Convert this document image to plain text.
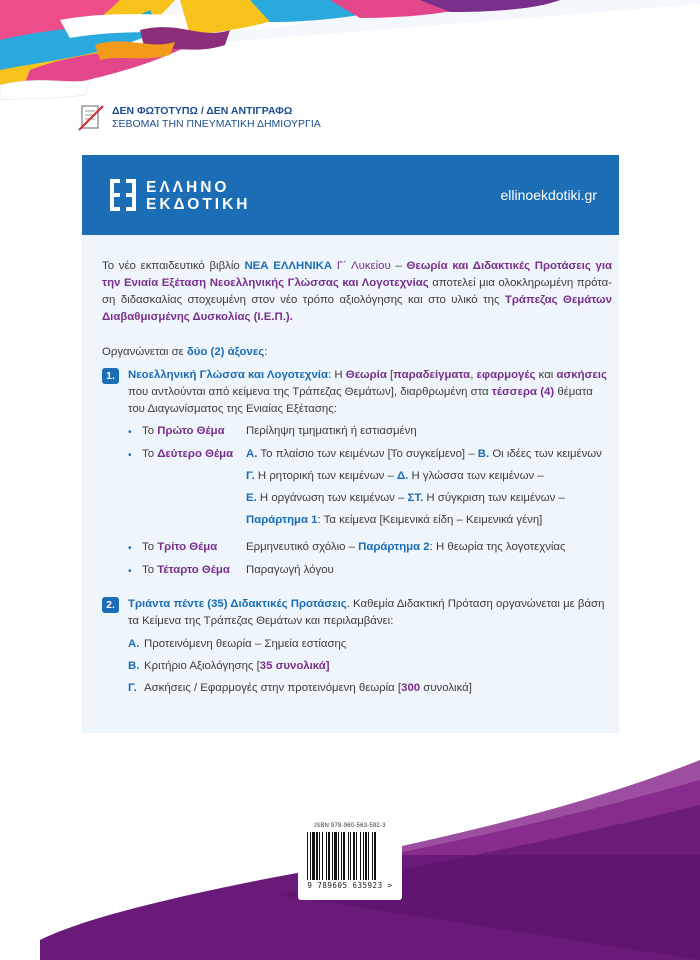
ΔΕΝ ΦΩΤΟΤΥΠΩ / ΔΕΝ ΑΝΤΙΓΡΑΦΩ
ΣΕΒΟΜΑΙ ΤΗΝ ΠΝΕΥΜΑΤΙΚΗ ΔΗΜΙΟΥΡΓΙΑ
ΕΛΛΗΝΟ
ΕΚΔΟΤΙΚΗ
ellinoekdotiki.gr

Το νέο εκπαιδευτικό βιβλίο ΝΕΑ ΕΛΛΗΝΙΚΑ Γ΄ Λυκείου – Θεωρία και Διδακτικές Προτάσεις για την Ενιαία Εξέταση Νεοελληνικής Γλώσσας και Λογοτεχνίας αποτελεί μια ολοκληρωμένη πρότα-ση διδασκαλίας στοχευμένη στον νέο τρόπο αξιολόγησης και στο υλικό της Τράπεζας Θεμάτων Διαβαθμισμένης Δυσκολίας (Ι.Ε.Π.).

Οργανώνεται σε δύο (2) άξονες:

1.	Νεοελληνική Γλώσσα και Λογοτεχνία: Η Θεωρία [παραδείγματα, εφαρμογές και ασκήσεις που αντλούνται από κείμενα της Τράπεζας Θεμάτων], διαρθρωμένη στα τέσσερα (4) θέματα του Διαγωνίσματος της Ενιαίας Εξέτασης:

• Το Πρώτο Θέμα	Περίληψη τμηματική ή εστιασμένη
• Το Δεύτερο Θέμα	Α. Το πλαίσιο των κειμένων [Το συγκείμενο] – Β. Οι ιδέες των κειμένων
Γ. Η ρητορική των κειμένων – Δ. Η γλώσσα των κειμένων –
Ε. Η οργάνωση των κειμένων – ΣΤ. Η σύγκριση των κειμένων –
Παράρτημα 1: Τα κείμενα [Κειμενικά είδη – Κειμενικά γένη]
• Το Τρίτο Θέμα	Ερμηνευτικό σχόλιο – Παράρτημα 2: Η θεωρία της λογοτεχνίας
• Το Τέταρτο Θέμα	Παραγωγή λόγου
2.	Τριάντα πέντε (35) Διδακτικές Προτάσεις. Καθεμία Διδακτική Πρόταση οργανώνεται με βάση τα Κείμενα της Τράπεζας Θεμάτων και περιλαμβάνει:

Α. Προτεινόμενη θεωρία – Σημεία εστίασης
Β. Κριτήριο Αξιολόγησης [35 συνολικά]
Γ. Ασκήσεις / Εφαρμογές στην προτεινόμενη θεωρία [300 συνολικά]
ISBN 978-960-563-592-3
9 789605 635923 >
